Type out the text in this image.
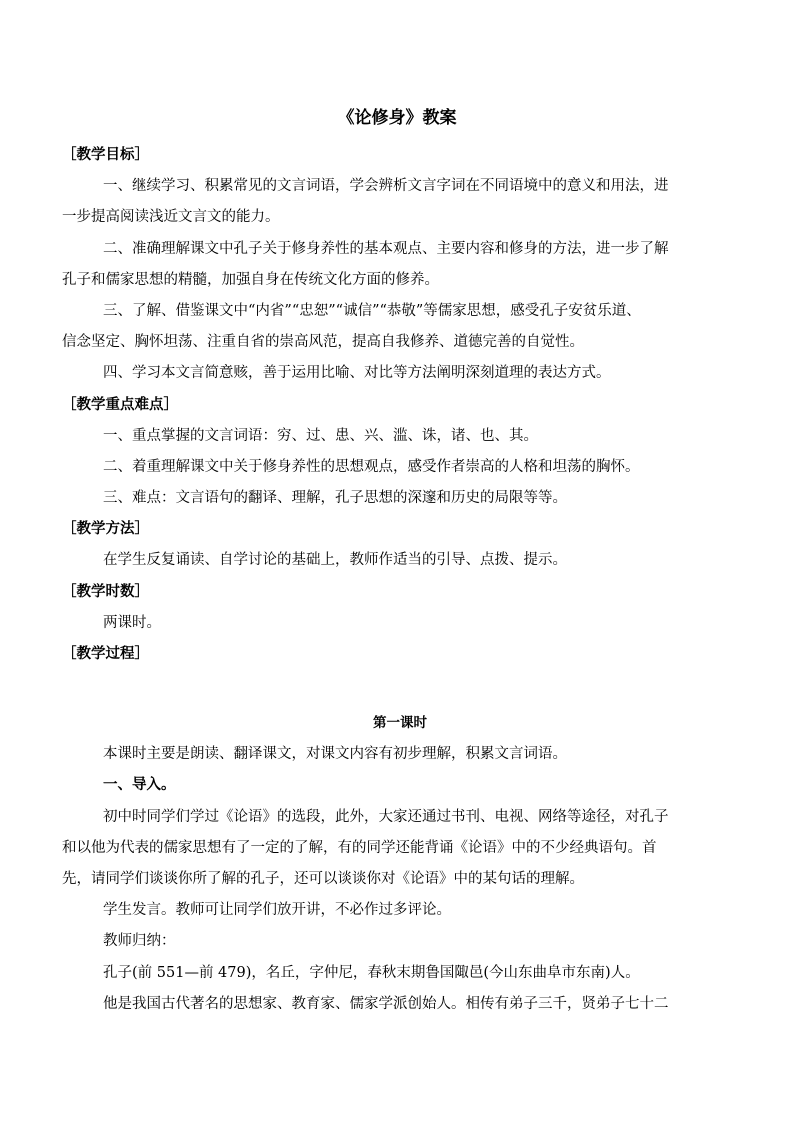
《论修身》教案
［教学目标］
一、继续学习、积累常见的文言词语，学会辨析文言字词在不同语境中的意义和用法，进
一步提高阅读浅近文言文的能力。
二、准确理解课文中孔子关于修身养性的基本观点、主要内容和修身的方法，进一步了解
孔子和儒家思想的精髓，加强自身在传统文化方面的修养。
三、了解、借鉴课文中“内省”“忠恕”“诚信”“恭敬”等儒家思想，感受孔子安贫乐道、
信念坚定、胸怀坦荡、注重自省的崇高风范，提高自我修养、道德完善的自觉性。
四、学习本文言简意赅，善于运用比喻、对比等方法阐明深刻道理的表达方式。
［教学重点难点］
一、重点掌握的文言词语：穷、过、患、兴、滥、诛，诸、也、其。
二、着重理解课文中关于修身养性的思想观点，感受作者崇高的人格和坦荡的胸怀。
三、难点：文言语句的翻译、理解，孔子思想的深邃和历史的局限等等。
［教学方法］
在学生反复诵读、自学讨论的基础上，教师作适当的引导、点拨、提示。
［教学时数］
两课时。
［教学过程］
第一课时
本课时主要是朗读、翻译课文，对课文内容有初步理解，积累文言词语。
一、导入。
初中时同学们学过《论语》的选段，此外，大家还通过书刊、电视、网络等途径，对孔子
和以他为代表的儒家思想有了一定的了解，有的同学还能背诵《论语》中的不少经典语句。首
先，请同学们谈谈你所了解的孔子，还可以谈谈你对《论语》中的某句话的理解。
学生发言。教师可让同学们放开讲，不必作过多评论。
教师归纳：
孔子(前 551—前 479)，名丘，字仲尼，春秋末期鲁国陬邑(今山东曲阜市东南)人。
他是我国古代著名的思想家、教育家、儒家学派创始人。相传有弟子三千，贤弟子七十二
